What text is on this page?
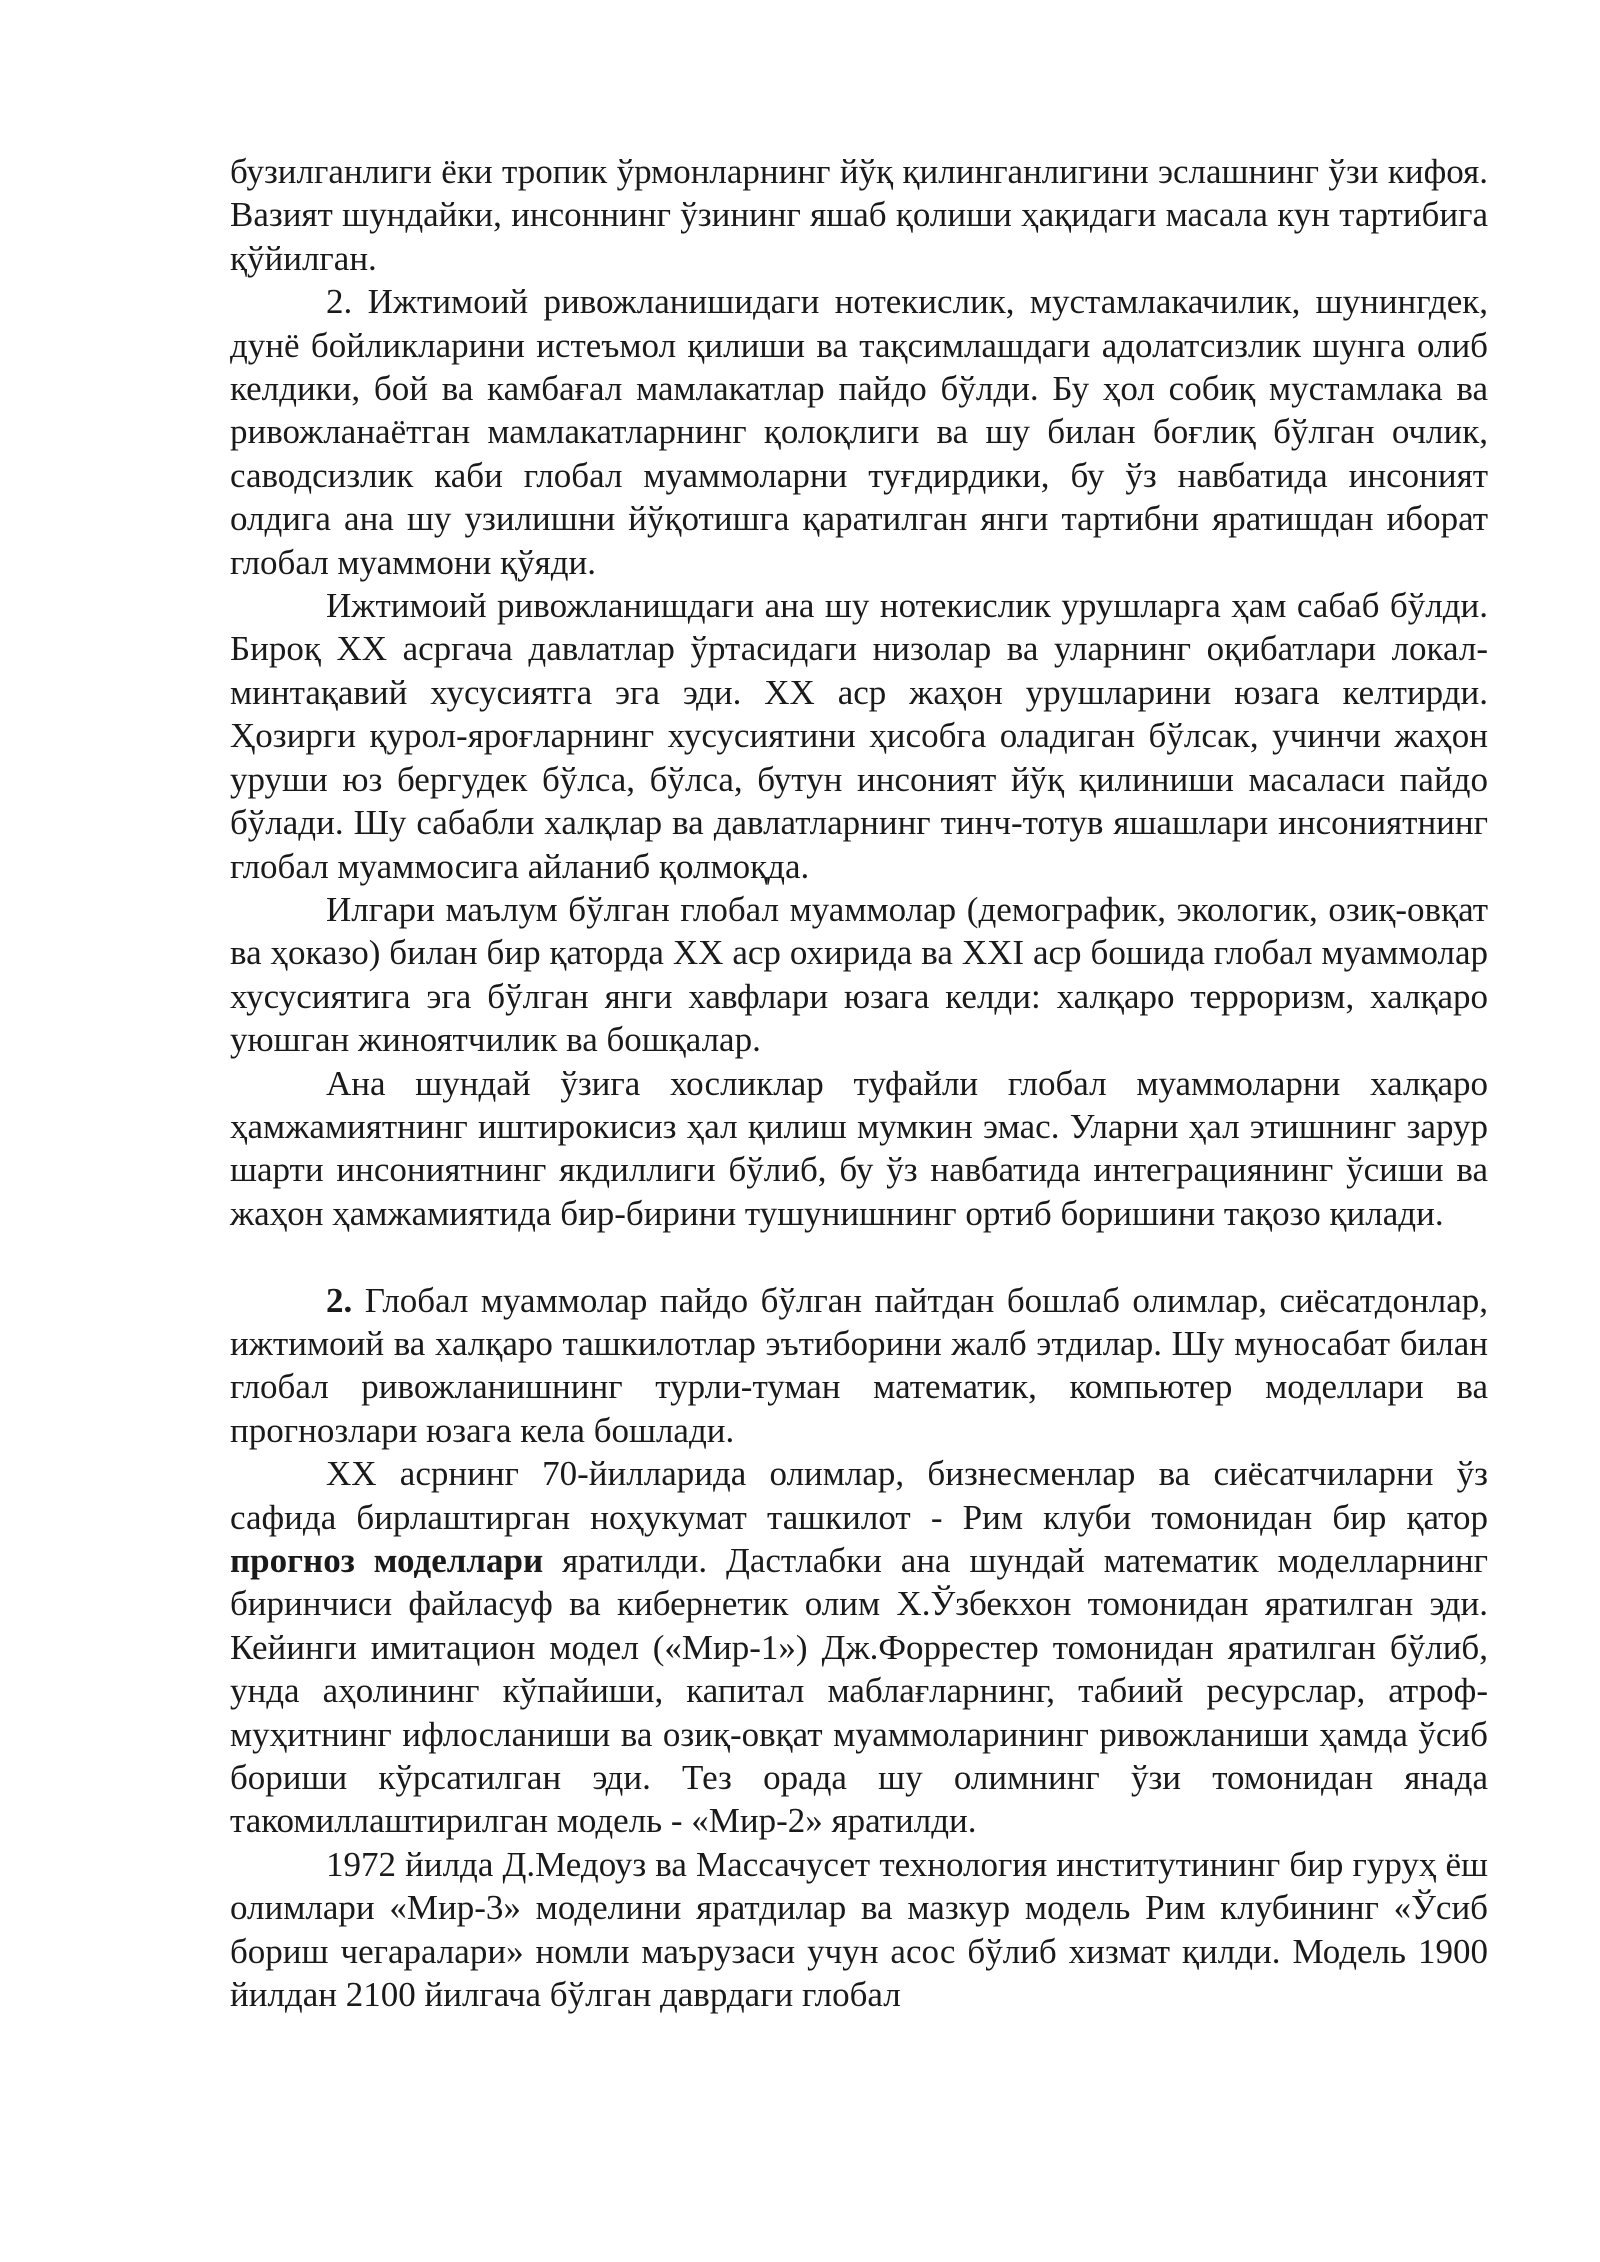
бузилганлиги ёки тропик ўрмонларнинг йўқ қилинганлигини эслашнинг ўзи кифоя. Вазият шундайки, инсоннинг ўзининг яшаб қолиши ҳақидаги масала кун тартибига қўйилган.

2. Ижтимоий ривожланишидаги нотекислик, мустамлакачилик, шунингдек, дунё бойликларини истеъмол қилиши ва тақсимлашдаги адолатсизлик шунга олиб келдики, бой ва камбағал мамлакатлар пайдо бўлди. Бу ҳол собиқ мустамлака ва ривожланаётган мамлакатларнинг қолоқлиги ва шу билан боғлиқ бўлган очлик, саводсизлик каби глобал муаммоларни туғдирдики, бу ўз навбатида инсоният олдига ана шу узилишни йўқотишга қаратилган янги тартибни яратишдан иборат глобал муаммони қўяди.

Ижтимоий ривожланишдаги ана шу нотекислик урушларга ҳам сабаб бўлди. Бироқ XX асргача давлатлар ўртасидаги низолар ва уларнинг оқибатлари локал-минтақавий хусусиятга эга эди. XX аср жаҳон урушларини юзага келтирди. Ҳозирги қурол-яроғларнинг хусусиятини ҳисобга оладиган бўлсак, учинчи жаҳон уруши юз бергудек бўлса, бўлса, бутун инсоният йўқ қилиниши масаласи пайдо бўлади. Шу сабабли халқлар ва давлатларнинг тинч-тотув яшашлари инсониятнинг глобал муаммосига айланиб қолмоқда.

Илгари маълум бўлган глобал муаммолар (демографик, экологик, озиқ-овқат ва ҳоказо) билан бир қаторда XX аср охирида ва XXI аср бошида глобал муаммолар хусусиятига эга бўлган янги хавфлари юзага келди: халқаро терроризм, халқаро уюшган жиноятчилик ва бошқалар.

Ана шундай ўзига хосликлар туфайли глобал муаммоларни халқаро ҳамжамиятнинг иштирокисиз ҳал қилиш мумкин эмас. Уларни ҳал этишнинг зарур шарти инсониятнинг якдиллиги бўлиб, бу ўз навбатида интеграциянинг ўсиши ва жаҳон ҳамжамиятида бир-бирини тушунишнинг ортиб боришини тақозо қилади.

2. Глобал муаммолар пайдо бўлган пайтдан бошлаб олимлар, сиёсатдонлар, ижтимоий ва халқаро ташкилотлар эътиборини жалб этдилар. Шу муносабат билан глобал ривожланишнинг турли-туман математик, компьютер моделлари ва прогнозлари юзага кела бошлади.

XX асрнинг 70-йилларида олимлар, бизнесменлар ва сиёсатчиларни ўз сафида бирлаштирган ноҳукумат ташкилот - Рим клуби томонидан бир қатор прогноз моделлари яратилди. Дастлабки ана шундай математик моделларнинг биринчиси файласуф ва кибернетик олим Х.Ўзбекхон томонидан яратилган эди. Кейинги имитацион модел («Мир-1») Дж.Форрестер томонидан яратилган бўлиб, унда аҳолининг кўпайиши, капитал маблағларнинг, табиий ресурслар, атроф-муҳитнинг ифлосланиши ва озиқ-овқат муаммоларининг ривожланиши ҳамда ўсиб бориши кўрсатилган эди. Тез орада шу олимнинг ўзи томонидан янада такомиллаштирилган модель - «Мир-2» яратилди.

1972 йилда Д.Медоуз ва Массачусет технология институтининг бир гуруҳ ёш олимлари «Мир-3» моделини яратдилар ва мазкур модель Рим клубининг «Ўсиб бориш чегаралари» номли маърузаси учун асос бўлиб хизмат қилди. Модель 1900 йилдан 2100 йилгача бўлган даврдаги глобал
